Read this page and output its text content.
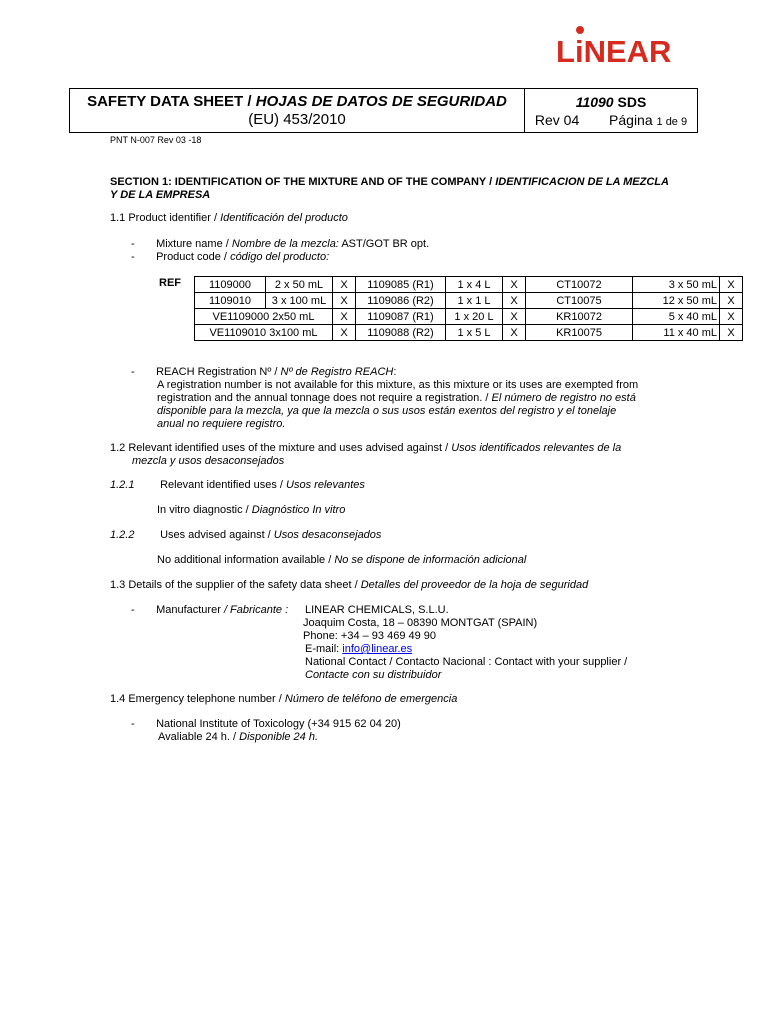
L
iNEAR
SAFETY DATA SHEET / HOJAS DE DATOS DE SEGURIDAD
(EU) 453/2010
11090 SDS
Rev 04 Página 1 de 9
PNT N-007 Rev 03 -18
SECTION 1: IDENTIFICATION OF THE MIXTURE AND OF THE COMPANY / IDENTIFICACION DE LA MEZCLA Y DE LA EMPRESA
1.1 Product identifier / Identificación del producto
- Mixture name / Nombre de la mezcla: AST/GOT BR opt.
- Product code / código del producto:
REF	1109000	2 x 50 mL	X	1109085 (R1)	1 x 4 L	X	CT10072	3 x 50 mL	X
1109010	3 x 100 mL	X	1109086 (R2)	1 x 1 L	X	CT10075	12 x 50 mL	X
VE1109000 2x50 mL		X	1109087 (R1)	1 x 20 L	X	KR10072	5 x 40 mL	X
VE1109010 3x100 mL		X	1109088 (R2)	1 x 5 L	X	KR10075	11 x 40 mL	X
- REACH Registration Nº / Nº de Registro REACH:
A registration number is not available for this mixture, as this mixture or its uses are exempted from
registration and the annual tonnage does not require a registration. / El número de registro no está
disponible para la mezcla, ya que la mezcla o sus usos están exentos del registro y el tonelaje
anual no requiere registro.
1.2 Relevant identified uses of the mixture and uses advised against / Usos identificados relevantes de la
mezcla y usos desaconsejados
1.2.1 Relevant identified uses / Usos relevantes
In vitro diagnostic / Diagnóstico In vitro
1.2.2 Uses advised against / Usos desaconsejados
No additional information available / No se dispone de información adicional
1.3 Details of the supplier of the safety data sheet / Detalles del proveedor de la hoja de seguridad
- Manufacturer / Fabricante : LINEAR CHEMICALS, S.L.U.
Joaquim Costa, 18 – 08390 MONTGAT (SPAIN)
Phone: +34 – 93 469 49 90
E-mail: info@linear.es
National Contact / Contacto Nacional : Contact with your supplier /
Contacte con su distribuidor
1.4 Emergency telephone number / Número de teléfono de emergencia
- National Institute of Toxicology (+34 915 62 04 20)
Avaliable 24 h. / Disponible 24 h.
